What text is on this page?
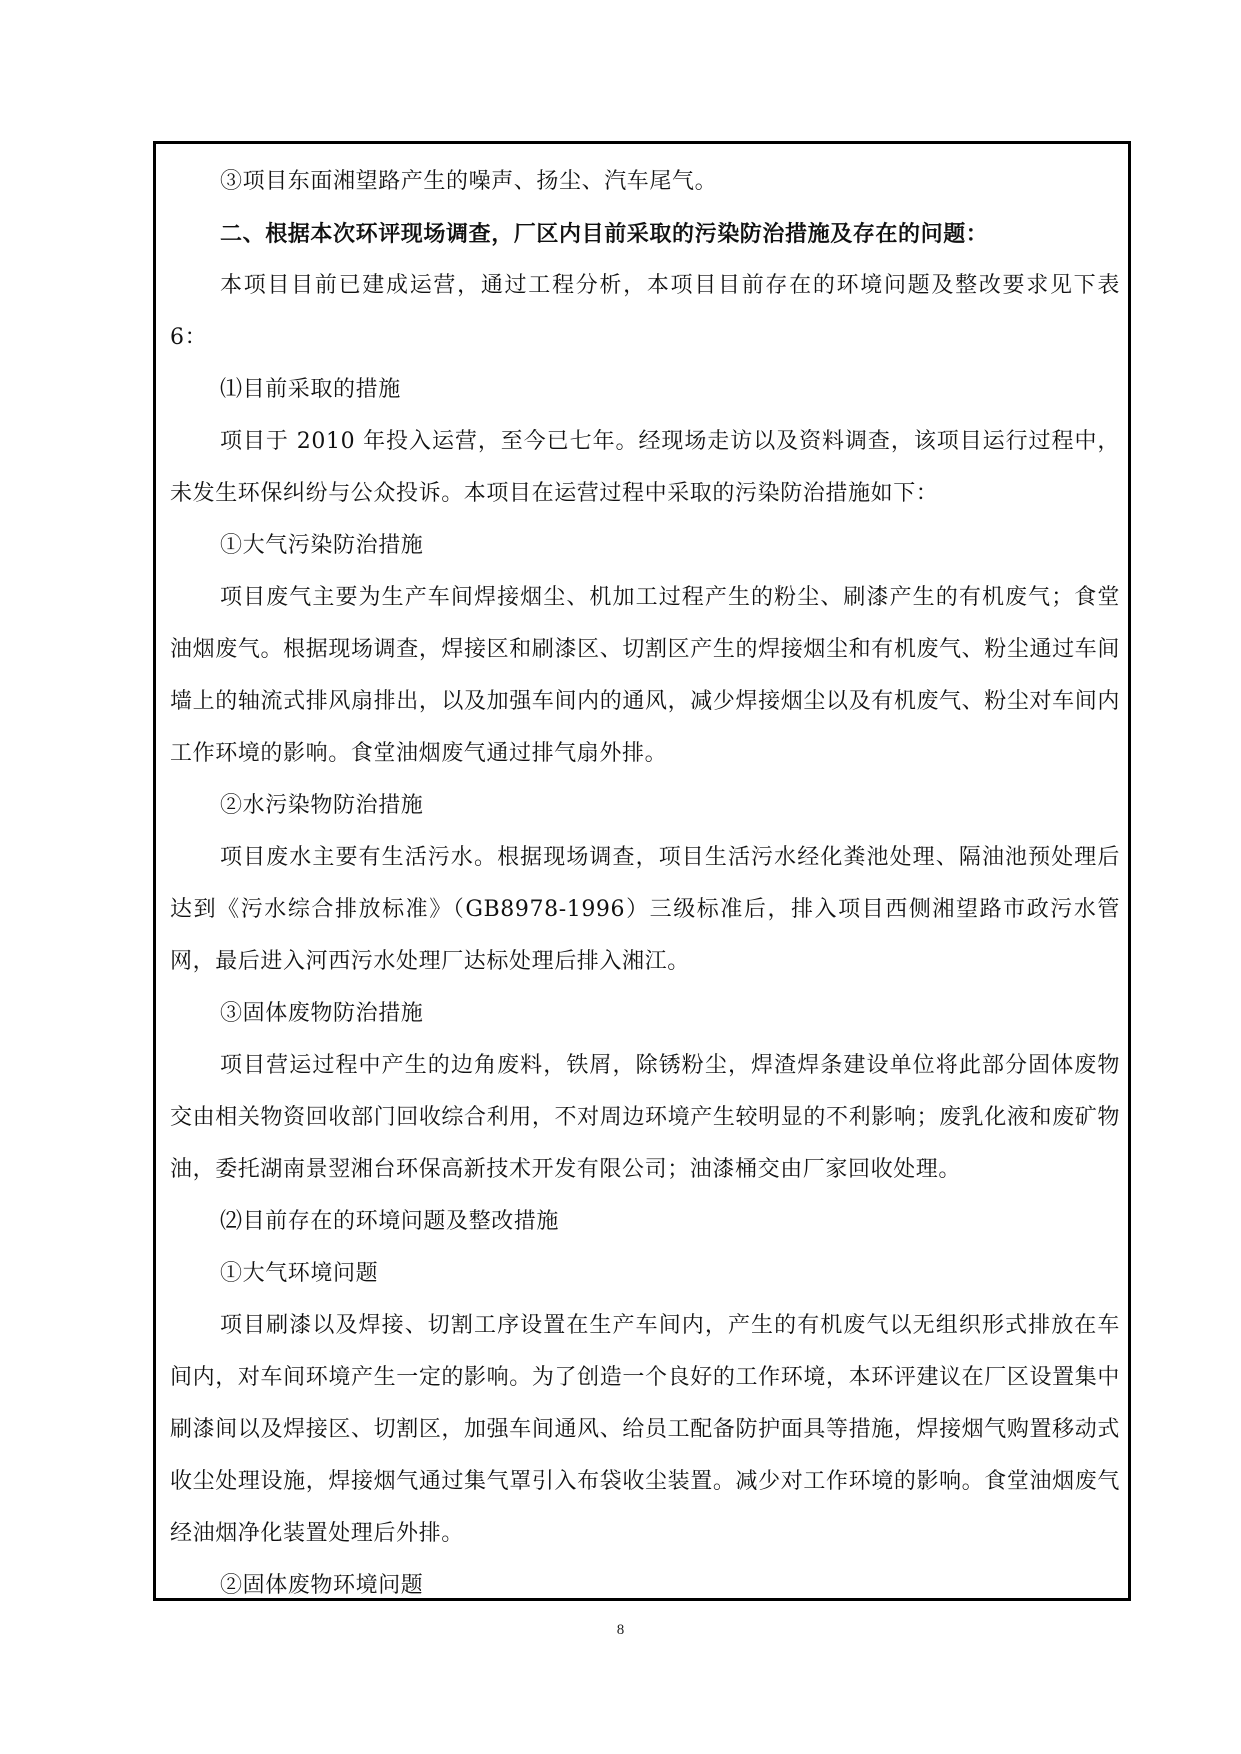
③项目东面湘望路产生的噪声、扬尘、汽车尾气。

二、根据本次环评现场调查，厂区内目前采取的污染防治措施及存在的问题：

本项目目前已建成运营，通过工程分析，本项目目前存在的环境问题及整改要求见下表 6：

⑴目前采取的措施

项目于 2010 年投入运营，至今已七年。经现场走访以及资料调查，该项目运行过程中，未发生环保纠纷与公众投诉。本项目在运营过程中采取的污染防治措施如下：

①大气污染防治措施

项目废气主要为生产车间焊接烟尘、机加工过程产生的粉尘、刷漆产生的有机废气；食堂油烟废气。根据现场调查，焊接区和刷漆区、切割区产生的焊接烟尘和有机废气、粉尘通过车间墙上的轴流式排风扇排出，以及加强车间内的通风，减少焊接烟尘以及有机废气、粉尘对车间内工作环境的影响。食堂油烟废气通过排气扇外排。

②水污染物防治措施

项目废水主要有生活污水。根据现场调查，项目生活污水经化粪池处理、隔油池预处理后达到《污水综合排放标准》（GB8978-1996）三级标准后，排入项目西侧湘望路市政污水管网，最后进入河西污水处理厂达标处理后排入湘江。

③固体废物防治措施

项目营运过程中产生的边角废料，铁屑，除锈粉尘，焊渣焊条建设单位将此部分固体废物交由相关物资回收部门回收综合利用，不对周边环境产生较明显的不利影响；废乳化液和废矿物油，委托湖南景翌湘台环保高新技术开发有限公司；油漆桶交由厂家回收处理。

⑵目前存在的环境问题及整改措施

①大气环境问题

项目刷漆以及焊接、切割工序设置在生产车间内，产生的有机废气以无组织形式排放在车间内，对车间环境产生一定的影响。为了创造一个良好的工作环境，本环评建议在厂区设置集中刷漆间以及焊接区、切割区，加强车间通风、给员工配备防护面具等措施，焊接烟气购置移动式收尘处理设施，焊接烟气通过集气罩引入布袋收尘装置。减少对工作环境的影响。食堂油烟废气经油烟净化装置处理后外排。

②固体废物环境问题

8
